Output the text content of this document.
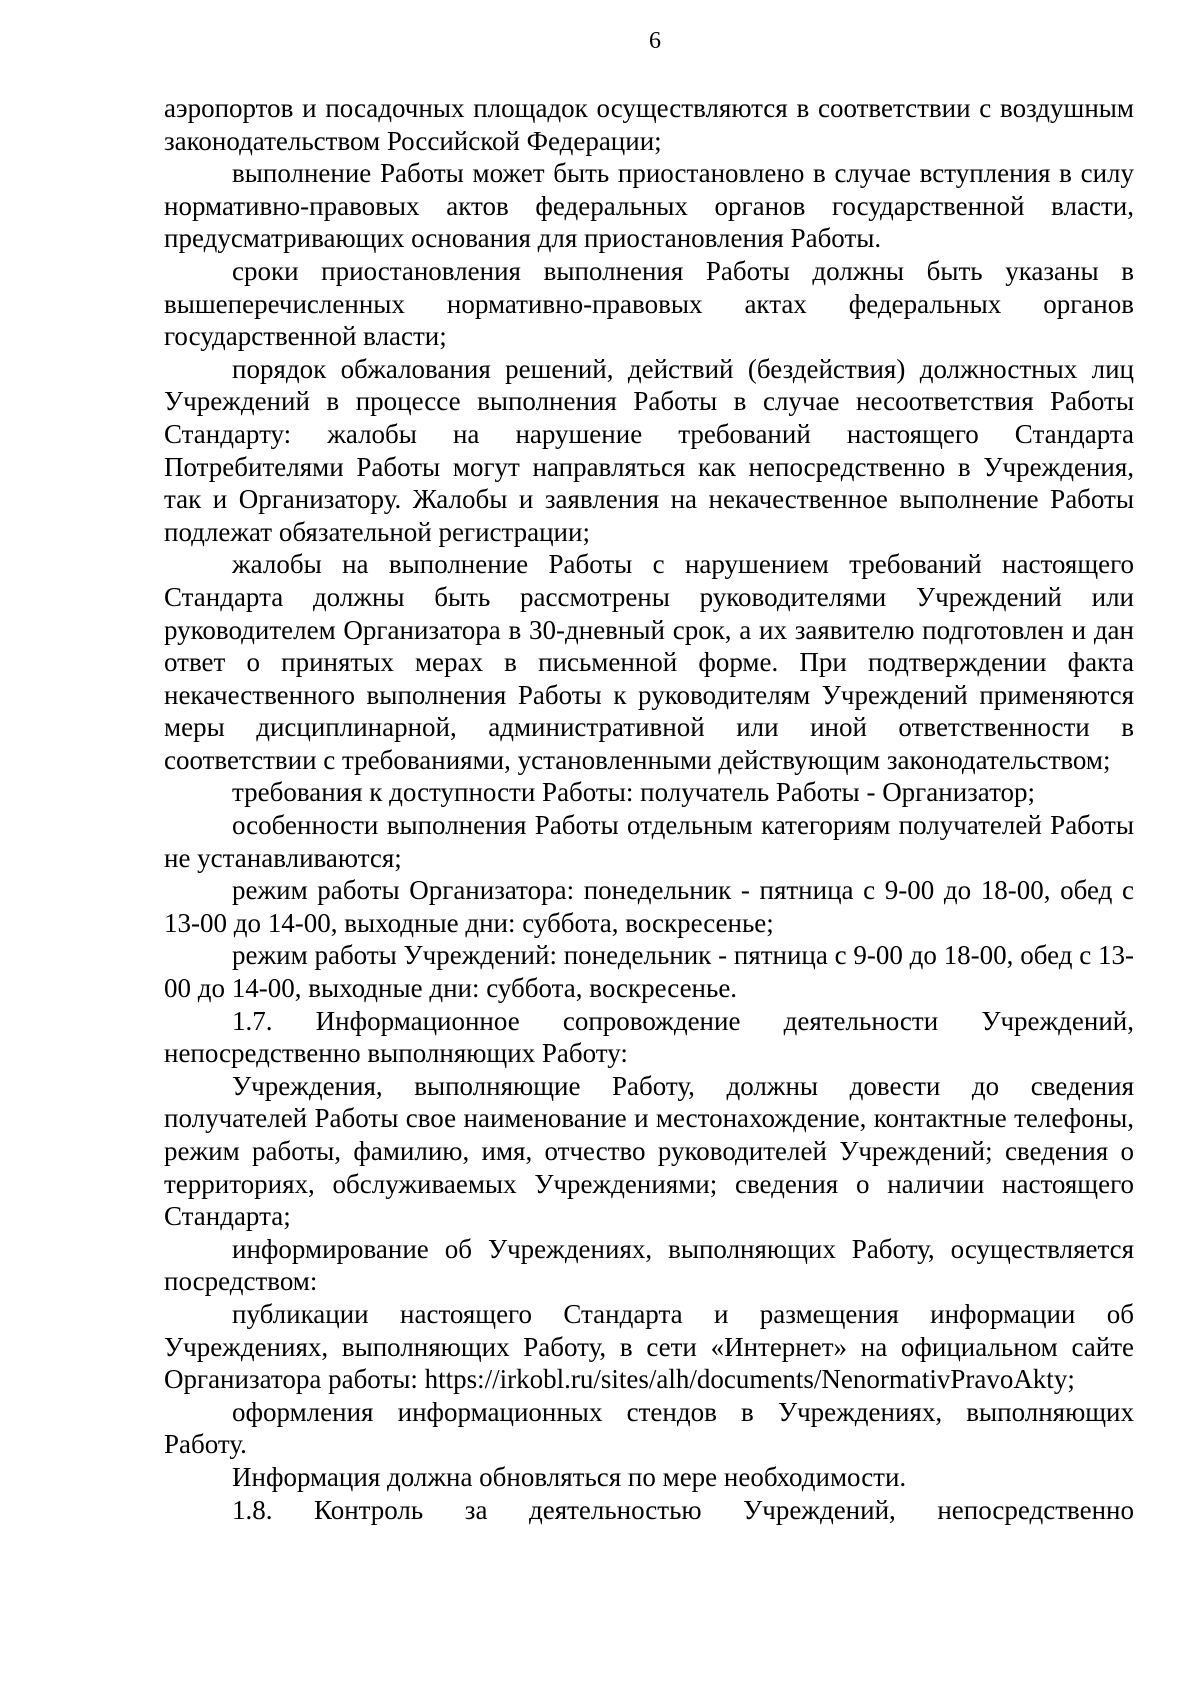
6

аэропортов и посадочных площадок осуществляются в соответствии с воздушным законодательством Российской Федерации;

выполнение Работы может быть приостановлено в случае вступления в силу нормативно-правовых актов федеральных органов государственной власти, предусматривающих основания для приостановления Работы.

сроки приостановления выполнения Работы должны быть указаны в вышеперечисленных нормативно-правовых актах федеральных органов государственной власти;

порядок обжалования решений, действий (бездействия) должностных лиц Учреждений в процессе выполнения Работы в случае несоответствия Работы Стандарту: жалобы на нарушение требований настоящего Стандарта Потребителями Работы могут направляться как непосредственно в Учреждения, так и Организатору. Жалобы и заявления на некачественное выполнение Работы подлежат обязательной регистрации;

жалобы на выполнение Работы с нарушением требований настоящего Стандарта должны быть рассмотрены руководителями Учреждений или руководителем Организатора в 30-дневный срок, а их заявителю подготовлен и дан ответ о принятых мерах в письменной форме. При подтверждении факта некачественного выполнения Работы к руководителям Учреждений применяются меры дисциплинарной, административной или иной ответственности в соответствии с требованиями, установленными действующим законодательством;

требования к доступности Работы: получатель Работы - Организатор;

особенности выполнения Работы отдельным категориям получателей Работы не устанавливаются;

режим работы Организатора: понедельник - пятница с 9-00 до 18-00, обед с 13-00 до 14-00, выходные дни: суббота, воскресенье;

режим работы Учреждений: понедельник - пятница с 9-00 до 18-00, обед с 13-00 до 14-00, выходные дни: суббота, воскресенье.

1.7. Информационное сопровождение деятельности Учреждений, непосредственно выполняющих Работу:

Учреждения, выполняющие Работу, должны довести до сведения получателей Работы свое наименование и местонахождение, контактные телефоны, режим работы, фамилию, имя, отчество руководителей Учреждений; сведения о территориях, обслуживаемых Учреждениями; сведения о наличии настоящего Стандарта;

информирование об Учреждениях, выполняющих Работу, осуществляется посредством:

публикации настоящего Стандарта и размещения информации об Учреждениях, выполняющих Работу, в сети «Интернет» на официальном сайте Организатора работы: https://irkobl.ru/sites/alh/documents/NenormativPravoAkty;

оформления информационных стендов в Учреждениях, выполняющих Работу.

Информация должна обновляться по мере необходимости.

1.8. Контроль за деятельностью Учреждений, непосредственно
